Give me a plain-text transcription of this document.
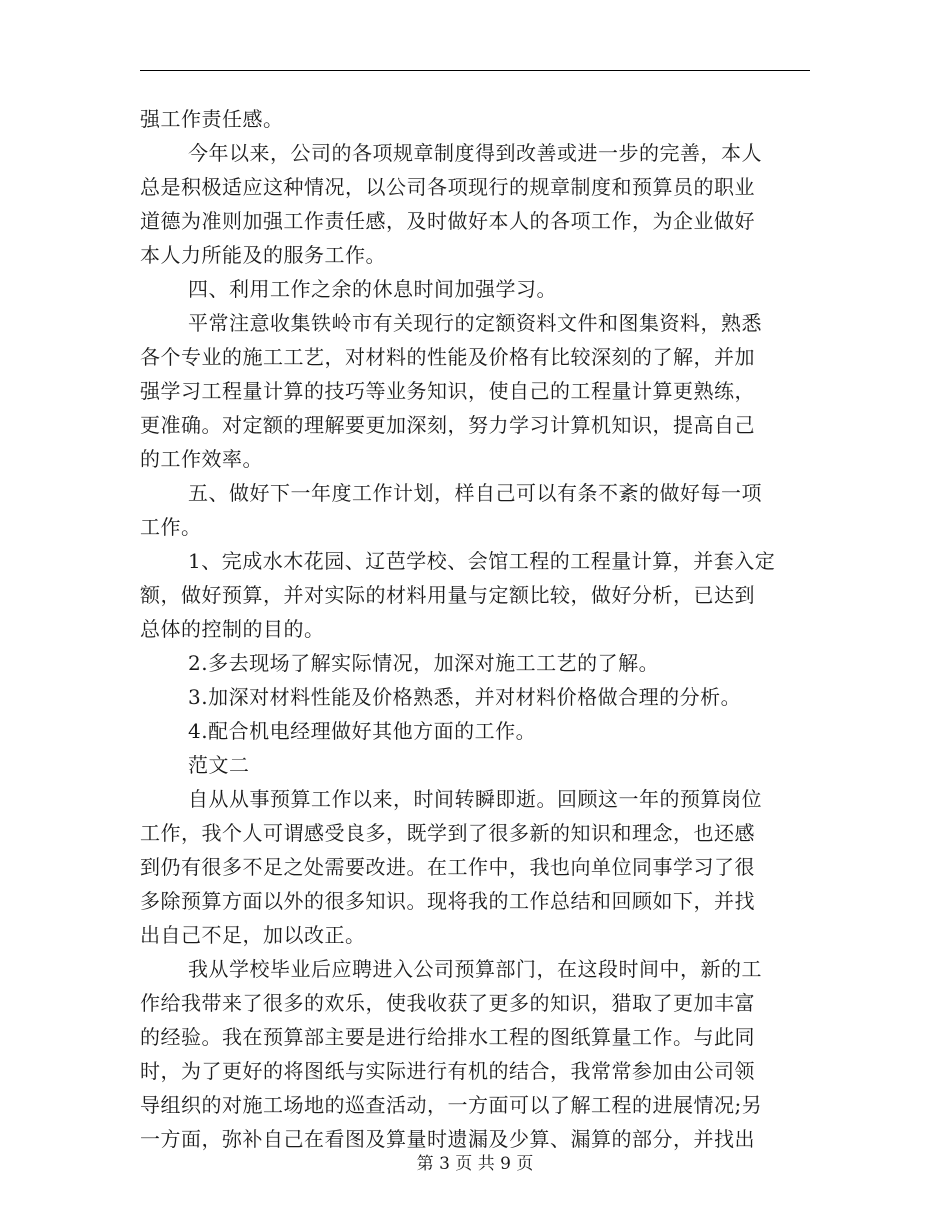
强工作责任感。
今年以来，公司的各项规章制度得到改善或进一步的完善，本人
总是积极适应这种情况，以公司各项现行的规章制度和预算员的职业
道德为准则加强工作责任感，及时做好本人的各项工作，为企业做好
本人力所能及的服务工作。
四、利用工作之余的休息时间加强学习。
平常注意收集铁岭市有关现行的定额资料文件和图集资料，熟悉
各个专业的施工工艺，对材料的性能及价格有比较深刻的了解，并加
强学习工程量计算的技巧等业务知识，使自己的工程量计算更熟练，
更准确。对定额的理解要更加深刻，努力学习计算机知识，提高自己
的工作效率。
五、做好下一年度工作计划，样自己可以有条不紊的做好每一项
工作。
1、完成水木花园、辽芭学校、会馆工程的工程量计算，并套入定
额，做好预算，并对实际的材料用量与定额比较，做好分析，已达到
总体的控制的目的。
2.多去现场了解实际情况，加深对施工工艺的了解。
3.加深对材料性能及价格熟悉，并对材料价格做合理的分析。
4.配合机电经理做好其他方面的工作。
范文二
自从从事预算工作以来，时间转瞬即逝。回顾这一年的预算岗位
工作，我个人可谓感受良多，既学到了很多新的知识和理念，也还感
到仍有很多不足之处需要改进。在工作中，我也向单位同事学习了很
多除预算方面以外的很多知识。现将我的工作总结和回顾如下，并找
出自己不足，加以改正。
我从学校毕业后应聘进入公司预算部门，在这段时间中，新的工
作给我带来了很多的欢乐，使我收获了更多的知识，猎取了更加丰富
的经验。我在预算部主要是进行给排水工程的图纸算量工作。与此同
时，为了更好的将图纸与实际进行有机的结合，我常常参加由公司领
导组织的对施工场地的巡查活动，一方面可以了解工程的进展情况;另
一方面，弥补自己在看图及算量时遗漏及少算、漏算的部分，并找出
第 3 页 共 9 页
